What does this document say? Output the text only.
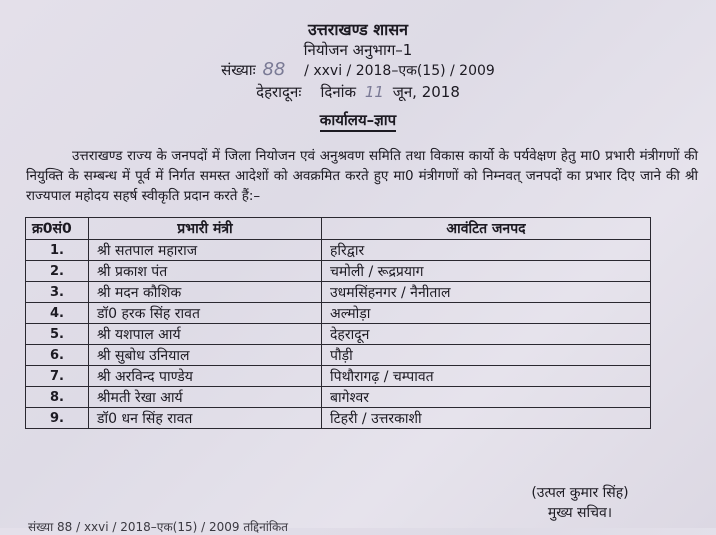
उत्तराखण्ड शासन
नियोजन अनुभाग–1
संख्याः 88 / xxvi / 2018–एक(15) / 2009
देहरादूनः दिनांक 11 जून, 2018
कार्यालय–ज्ञाप
उत्तराखण्ड राज्य के जनपदों में जिला नियोजन एवं अनुश्रवण समिति तथा विकास कार्यो के पर्यवेक्षण हेतु मा0 प्रभारी मंत्रीगणों की नियुक्ति के सम्बन्ध में पूर्व में निर्गत समस्त आदेशों को अवक्रमित करते हुए मा0 मंत्रीगणों को निम्नवत् जनपदों का प्रभार दिए जाने की श्री राज्यपाल महोदय सहर्ष स्वीकृति प्रदान करते हैं:–
क्र0सं0	प्रभारी मंत्री	आवंटित जनपद
1.	श्री सतपाल महाराज	हरिद्वार
2.	श्री प्रकाश पंत	चमोली / रूद्रप्रयाग
3.	श्री मदन कौशिक	उधमसिंहनगर / नैनीताल
4.	डॉ0 हरक सिंह रावत	अल्मोड़ा
5.	श्री यशपाल आर्य	देहरादून
6.	श्री सुबोध उनियाल	पौड़ी
7.	श्री अरविन्द पाण्डेय	पिथौरागढ़ / चम्पावत
8.	श्रीमती रेखा आर्य	बागेश्वर
9.	डॉ0 धन सिंह रावत	टिहरी / उत्तरकाशी
(उत्पल कुमार सिंह)
मुख्य सचिव।
संख्या 88 / xxvi / 2018–एक(15) / 2009 तद्दिनांकित
